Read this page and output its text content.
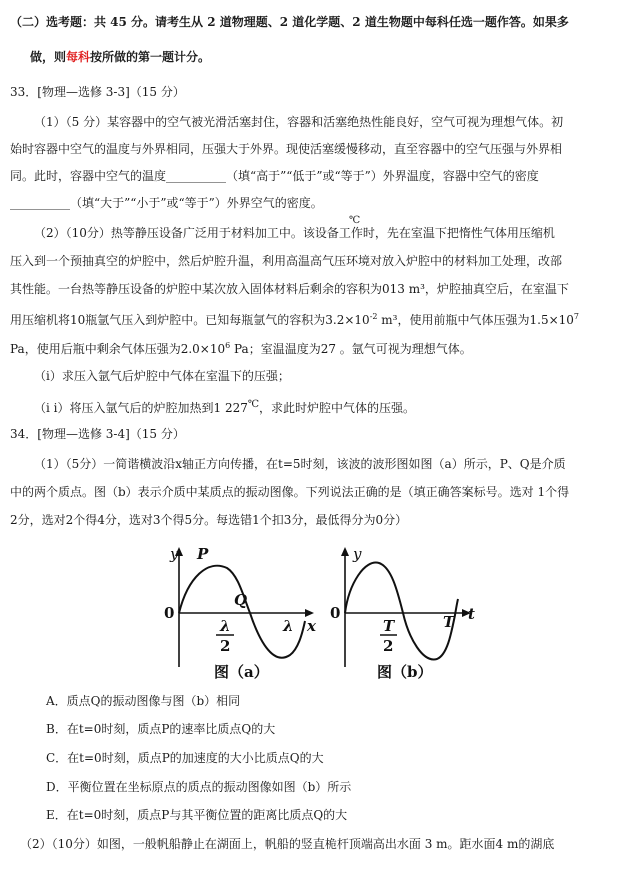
（二）选考题：共 45 分。请考生从 2 道物理题、2 道化学题、2 道生物题中每科任选一题作答。如果多
做，则每科按所做的第一题计分。
33．[物理—选修 3-3]（15 分）
（1）（5 分）某容器中的空气被光滑活塞封住，容器和活塞绝热性能良好，空气可视为理想气体。初
始时容器中空气的温度与外界相同，压强大于外界。现使活塞缓慢移动，直至容器中的空气压强与外界相
同。此时，容器中空气的温度__________（填“高于”“低于”或“等于”）外界温度，容器中空气的密度
__________（填“大于”“小于”或“等于”）外界空气的密度。
℃
（2）（10分）热等静压设备广泛用于材料加工中。该设备工作时，先在室温下把惰性气体用压缩机
压入到一个预抽真空的炉腔中，然后炉腔升温，利用高温高气压环境对放入炉腔中的材料加工处理，改部
其性能。一台热等静压设备的炉腔中某次放入固体材料后剩余的容积为013 m³，炉腔抽真空后，在室温下
用压缩机将10瓶氩气压入到炉腔中。已知每瓶氩气的容积为$3.2\times 10^{-2}$ m³，使用前瓶中气体压强为$1.5\times 10^7$
Pa，使用后瓶中剩余气体压强为$2.0\times 10^6$ Pa；室温温度为27 。氩气可视为理想气体。
（i）求压入氩气后炉腔中气体在室温下的压强；
（i i）将压入氩气后的炉腔加热到1 227℃，求此时炉腔中气体的压强。
34．[物理—选修 3-4]（15 分）
（1）（5分）一简谐横波沿x轴正方向传播，在t=5时刻，该波的波形图如图（a）所示，P、Q是介质
中的两个质点。图（b）表示介质中某质点的振动图像。下列说法正确的是（填正确答案标号。选对 1个得
2分，选对2个得4分，选对3个得5分。每选错1个扣3分，最低得分为0分）
y P
Q
0
λ
2
λ x
图（a）
y
0
T
2
T t
图（b）
A．质点Q的振动图像与图（b）相同
B．在t=0时刻，质点P的速率比质点Q的大
C．在t=0时刻，质点P的加速度的大小比质点Q的大
D．平衡位置在坐标原点的质点的振动图像如图（b）所示
E．在t=0时刻，质点P与其平衡位置的距离比质点Q的大
（2）（10分）如图，一般帆船静止在湖面上，帆船的竖直桅杆顶端高出水面 3 m。距水面4 m的湖底
